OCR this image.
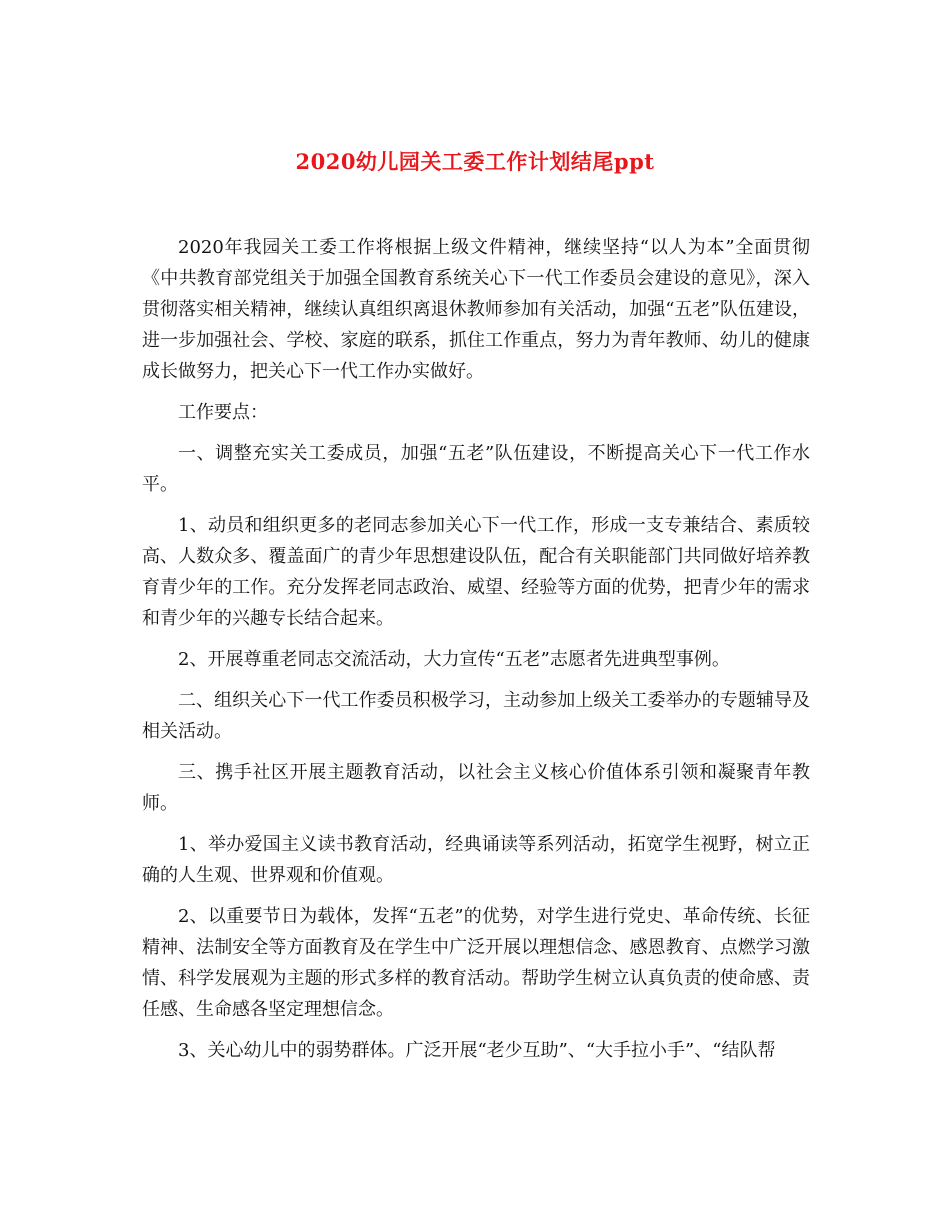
2020幼儿园关工委工作计划结尾ppt

2020年我园关工委工作将根据上级文件精神，继续坚持“以人为本”全面贯彻《中共教育部党组关于加强全国教育系统关心下一代工作委员会建设的意见》，深入贯彻落实相关精神，继续认真组织离退休教师参加有关活动，加强“五老”队伍建设，进一步加强社会、学校、家庭的联系，抓住工作重点，努力为青年教师、幼儿的健康成长做努力，把关心下一代工作办实做好。

工作要点：

一、调整充实关工委成员，加强“五老”队伍建设，不断提高关心下一代工作水平。

1、动员和组织更多的老同志参加关心下一代工作，形成一支专兼结合、素质较高、人数众多、覆盖面广的青少年思想建设队伍，配合有关职能部门共同做好培养教育青少年的工作。充分发挥老同志政治、威望、经验等方面的优势，把青少年的需求和青少年的兴趣专长结合起来。

2、开展尊重老同志交流活动，大力宣传“五老”志愿者先进典型事例。

二、组织关心下一代工作委员积极学习，主动参加上级关工委举办的专题辅导及相关活动。

三、携手社区开展主题教育活动，以社会主义核心价值体系引领和凝聚青年教师。

1、举办爱国主义读书教育活动，经典诵读等系列活动，拓宽学生视野，树立正确的人生观、世界观和价值观。

2、以重要节日为载体，发挥“五老”的优势，对学生进行党史、革命传统、长征精神、法制安全等方面教育及在学生中广泛开展以理想信念、感恩教育、点燃学习激情、科学发展观为主题的形式多样的教育活动。帮助学生树立认真负责的使命感、责任感、生命感各坚定理想信念。

3、关心幼儿中的弱势群体。广泛开展“老少互助”、“大手拉小手”、“结队帮
